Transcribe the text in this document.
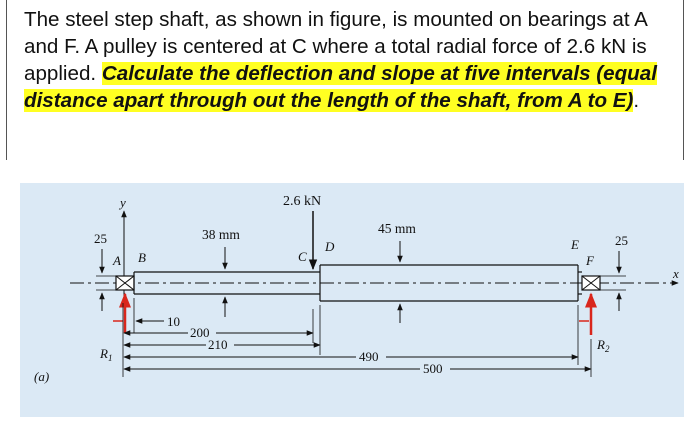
The steel step shaft, as shown in figure, is mounted on bearings at A and F. A pulley is centered at C where a total radial force of 2.6 kN is applied. Calculate the deflection and slope at five intervals (equal distance apart through out the length of the shaft, from A to E).
x
y	2.6 kN
A B	C
D	E
F
38 mm	45 mm
25	25
$R_1$
$R_2$
10
200
210
490
500
(a)
